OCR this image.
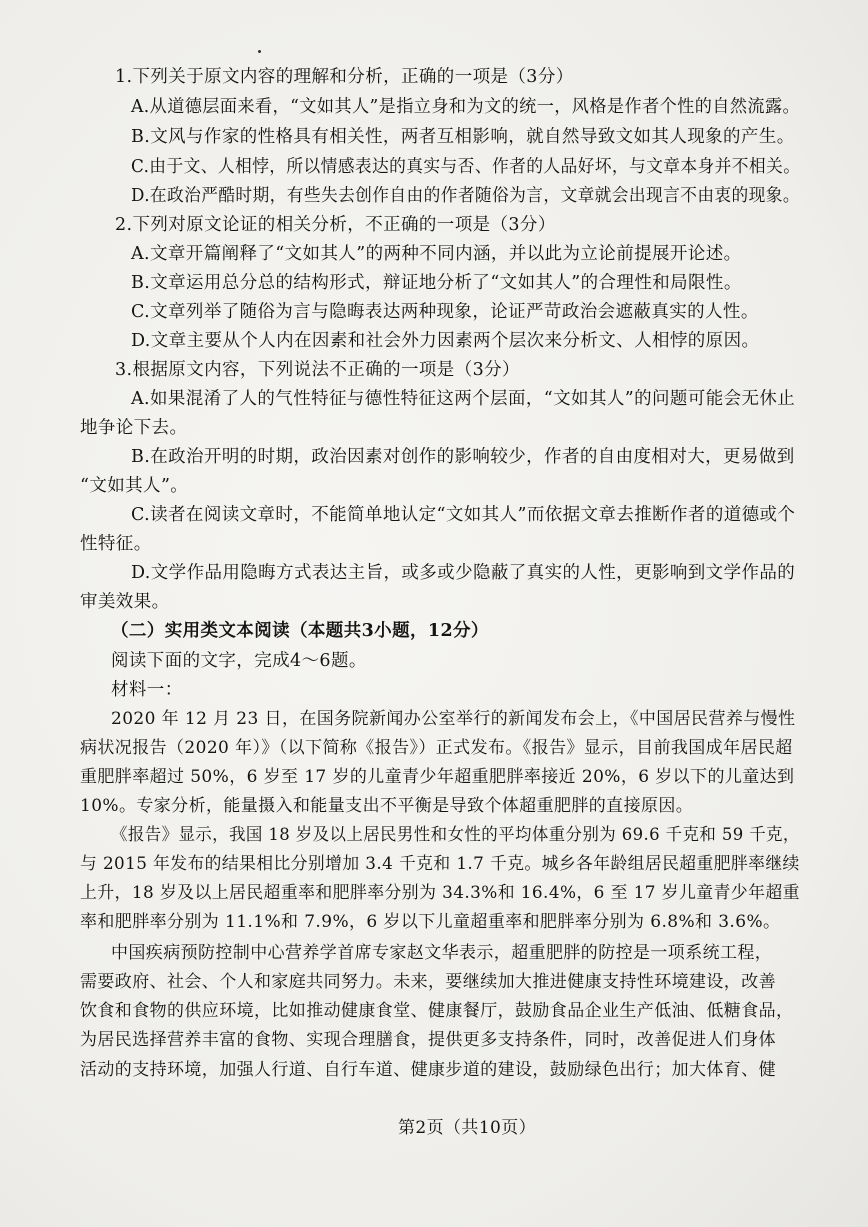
1.下列关于原文内容的理解和分析，正确的一项是（3分）
A.从道德层面来看，“文如其人”是指立身和为文的统一，风格是作者个性的自然流露。
B.文风与作家的性格具有相关性，两者互相影响，就自然导致文如其人现象的产生。
C.由于文、人相悖，所以情感表达的真实与否、作者的人品好坏，与文章本身并不相关。
D.在政治严酷时期，有些失去创作自由的作者随俗为言，文章就会出现言不由衷的现象。
2.下列对原文论证的相关分析，不正确的一项是（3分）
A.文章开篇阐释了“文如其人”的两种不同内涵，并以此为立论前提展开论述。
B.文章运用总分总的结构形式，辩证地分析了“文如其人”的合理性和局限性。
C.文章列举了随俗为言与隐晦表达两种现象，论证严苛政治会遮蔽真实的人性。
D.文章主要从个人内在因素和社会外力因素两个层次来分析文、人相悖的原因。
3.根据原文内容，下列说法不正确的一项是（3分）
A.如果混淆了人的气性特征与德性特征这两个层面，“文如其人”的问题可能会无休止
地争论下去。
B.在政治开明的时期，政治因素对创作的影响较少，作者的自由度相对大，更易做到
“文如其人”。
C.读者在阅读文章时，不能简单地认定“文如其人”而依据文章去推断作者的道德或个
性特征。
D.文学作品用隐晦方式表达主旨，或多或少隐蔽了真实的人性，更影响到文学作品的
审美效果。
（二）实用类文本阅读（本题共3小题，12分）
阅读下面的文字，完成4～6题。
材料一：
2020 年 12 月 23 日，在国务院新闻办公室举行的新闻发布会上，《中国居民营养与慢性
病状况报告（2020 年）》（以下简称《报告》）正式发布。《报告》显示，目前我国成年居民超
重肥胖率超过 50%，6 岁至 17 岁的儿童青少年超重肥胖率接近 20%，6 岁以下的儿童达到
10%。专家分析，能量摄入和能量支出不平衡是导致个体超重肥胖的直接原因。
《报告》显示，我国 18 岁及以上居民男性和女性的平均体重分别为 69.6 千克和 59 千克，
与 2015 年发布的结果相比分别增加 3.4 千克和 1.7 千克。城乡各年龄组居民超重肥胖率继续
上升，18 岁及以上居民超重率和肥胖率分别为 34.3%和 16.4%，6 至 17 岁儿童青少年超重
率和肥胖率分别为 11.1%和 7.9%，6 岁以下儿童超重率和肥胖率分别为 6.8%和 3.6%。
中国疾病预防控制中心营养学首席专家赵文华表示，超重肥胖的防控是一项系统工程，
需要政府、社会、个人和家庭共同努力。未来，要继续加大推进健康支持性环境建设，改善
饮食和食物的供应环境，比如推动健康食堂、健康餐厅，鼓励食品企业生产低油、低糖食品，
为居民选择营养丰富的食物、实现合理膳食，提供更多支持条件，同时，改善促进人们身体
活动的支持环境，加强人行道、自行车道、健康步道的建设，鼓励绿色出行；加大体育、健
第2页（共10页）
